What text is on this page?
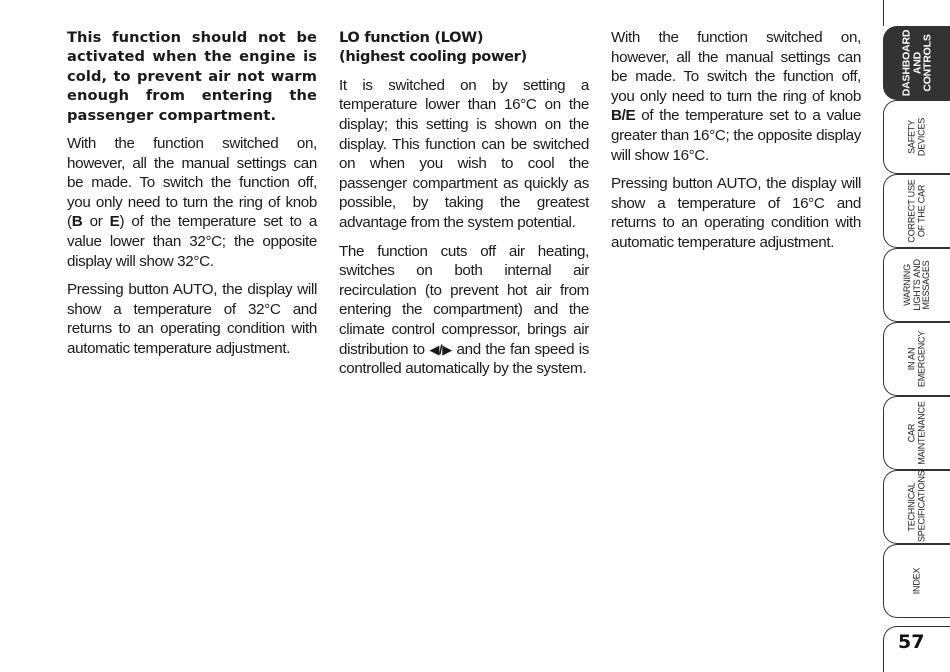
This function should not be activated when the engine is cold, to prevent air not warm enough from entering the passenger compartment.

With the function switched on, however, all the manual settings can be made. To switch the function off, you only need to turn the ring of knob (B or E) of the temperature set to a value lower than 32°C; the opposite display will show 32°C.

Pressing button AUTO, the display will show a temperature of 32°C and returns to an operating condition with automatic temperature adjustment.

LO function (LOW)
(highest cooling power)

It is switched on by setting a temperature lower than 16°C on the display; this setting is shown on the display. This function can be switched on when you wish to cool the passenger compartment as quickly as possible, by taking the greatest advantage from the system potential.

The function cuts off air heating, switches on both internal air recirculation (to prevent hot air from entering the compartment) and the climate control compressor, brings air distribution to ◀/▶ and the fan speed is controlled automatically by the system.

With the function switched on, however, all the manual settings can be made. To switch the function off, you only need to turn the ring of knob B/E of the temperature set to a value greater than 16°C; the opposite display will show 16°C.

Pressing button AUTO, the display will show a temperature of 16°C and returns to an operating condition with automatic temperature adjustment.

DASHBOARD
AND
CONTROLS
SAFETY DEVICES
CORRECT USE OF THE CAR
WARNING LIGHTS AND MESSAGES
IN AN EMERGENCY
CAR MAINTENANCE
TECHNICAL SPECIFICATIONS
INDEX
57
